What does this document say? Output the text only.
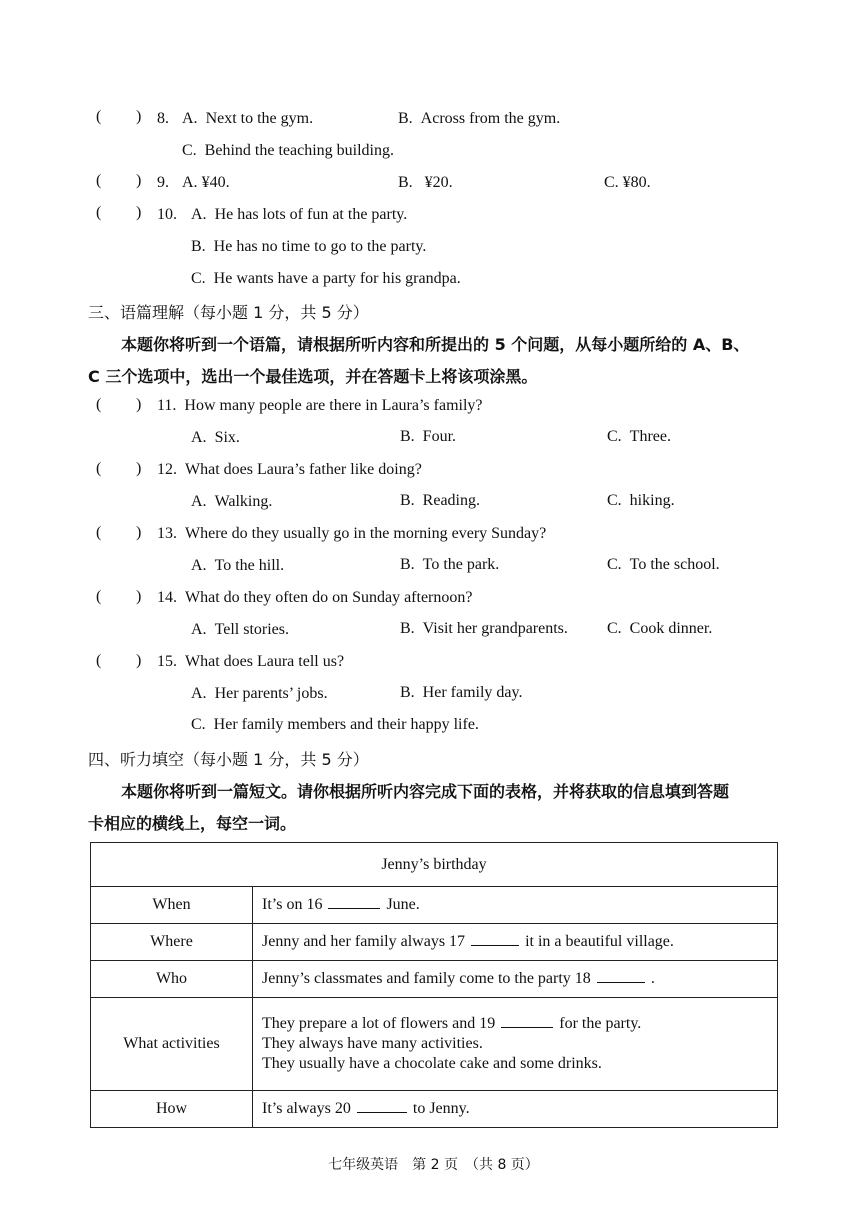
( ) 8. A. Next to the gym.	B. Across from the gym.
C. Behind the teaching building.
( ) 9. A. ¥40.	B. ¥20.	C. ¥80.
( ) 10. A. He has lots of fun at the party.
B. He has no time to go to the party.
C. He wants have a party for his grandpa.
三、语篇理解（每小题 1 分，共 5 分）
本题你将听到一个语篇，请根据所听内容和所提出的 5 个问题，从每小题所给的 A、B、
C 三个选项中，选出一个最佳选项，并在答题卡上将该项涂黑。
( ) 11. How many people are there in Laura’s family?
A. Six.	B. Four.	C. Three.
( ) 12. What does Laura’s father like doing?
A. Walking.	B. Reading.	C. hiking.
( ) 13. Where do they usually go in the morning every Sunday?
A. To the hill.	B. To the park.	C. To the school.
( ) 14. What do they often do on Sunday afternoon?
A. Tell stories.	B. Visit her grandparents. C. Cook dinner.
( ) 15. What does Laura tell us?
A. Her parents’ jobs.	B. Her family day.
C. Her family members and their happy life.
四、听力填空（每小题 1 分，共 5 分）
本题你将听到一篇短文。请你根据所听内容完成下面的表格，并将获取的信息填到答题
卡相应的横线上，每空一词。
Jenny’s birthday	
When	It’s on 16 June.
Where	Jenny and her family always 17 it in a beautiful village.
Who	Jenny’s classmates and family come to the party 18 .
What activities	They prepare a lot of flowers and 19 for the party.
They always have many activities.
They usually have a chocolate cake and some drinks.

How	It’s always 20 to Jenny.
七年级英语　第 2 页　（共 8 页）
